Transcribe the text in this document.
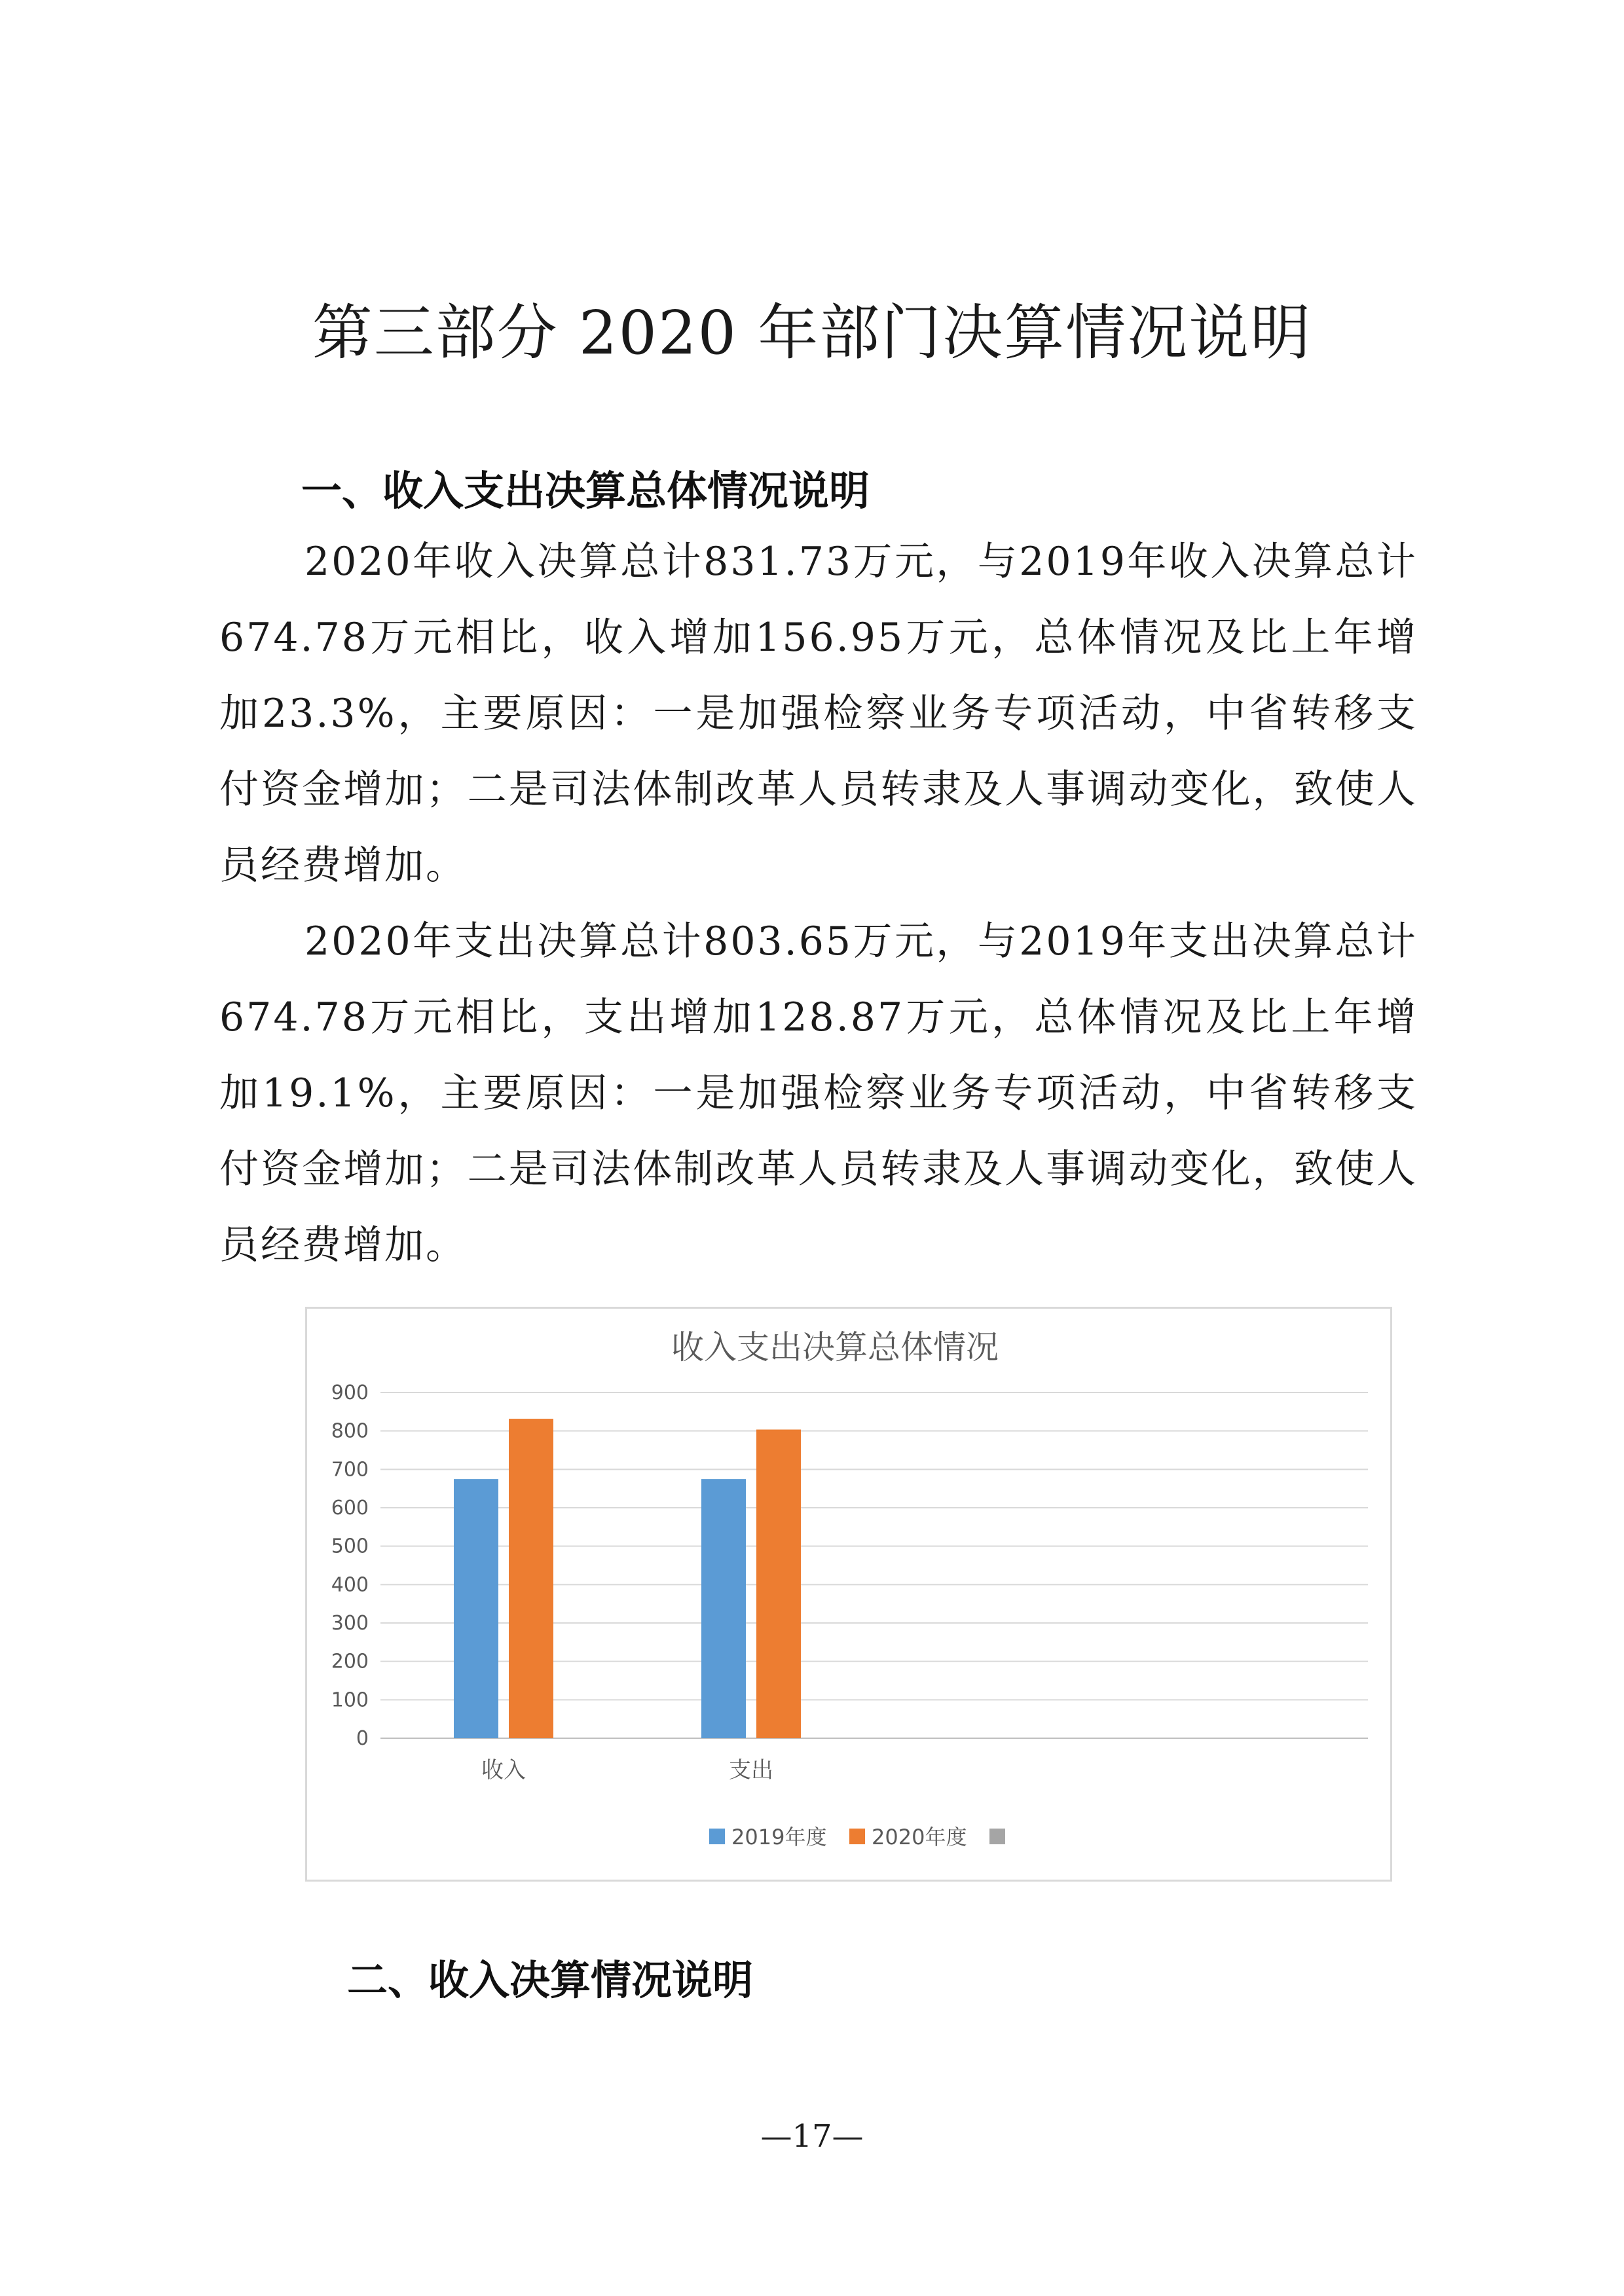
第三部分 2020 年部门决算情况说明
一、收入支出决算总体情况说明

2020年收入决算总计831.73万元，与2019年收入决算总计674.78万元相比，收入增加156.95万元，总体情况及比上年增加23.3%，主要原因：一是加强检察业务专项活动，中省转移支付资金增加；二是司法体制改革人员转隶及人事调动变化，致使人员经费增加。

2020年支出决算总计803.65万元，与2019年支出决算总计674.78万元相比，支出增加128.87万元，总体情况及比上年增加19.1%，主要原因：一是加强检察业务专项活动，中省转移支付资金增加；二是司法体制改革人员转隶及人事调动变化，致使人员经费增加。

收入支出决算总体情况
0
100
200
300
400
500
600
700
800
900
收入	支出
2019年度 2020年度
二、收入决算情况说明
—17—
